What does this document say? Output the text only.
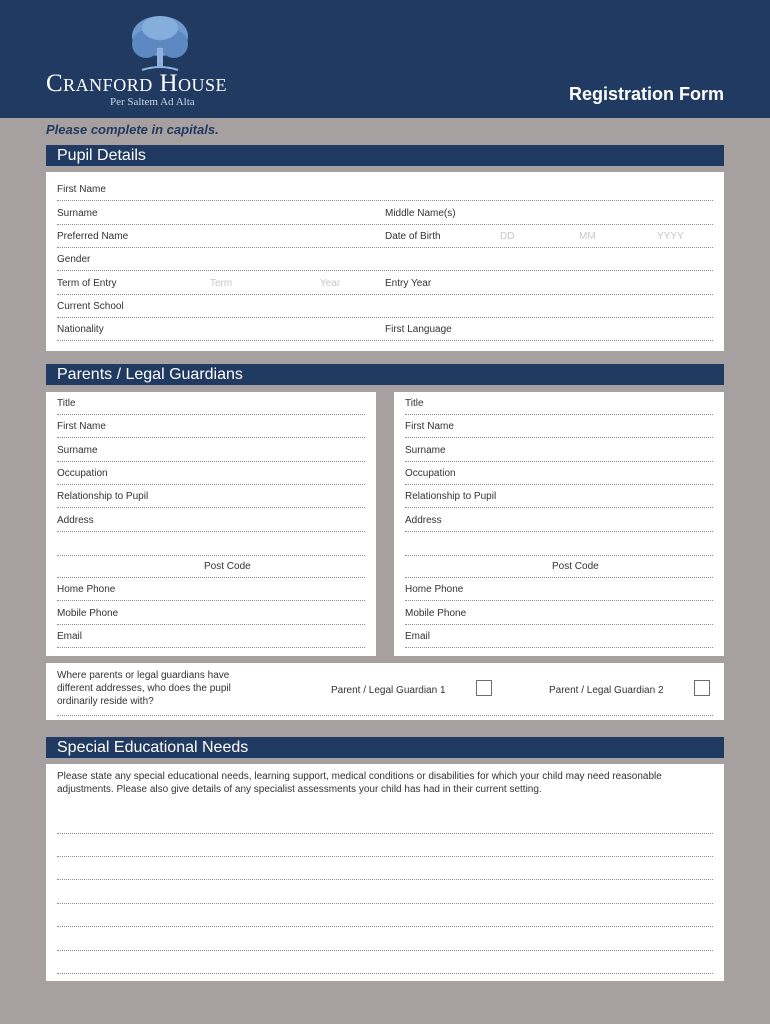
Cranford House
Per Saltem Ad Alta	Registration Form
Please complete in capitals.
Pupil Details
First Name
Surname	Middle Name(s)
Preferred Name	Date of Birth	DD	MM	YYYY
Gender
Term of Entry	Term	Year	Entry Year
Current School
Nationality	First Language
Parents / Legal Guardians
Title
First Name
Surname
Occupation
Relationship to Pupil
Address
Post Code
Home Phone
Mobile Phone
Email
Title
First Name
Surname
Occupation
Relationship to Pupil
Address
Post Code
Home Phone
Mobile Phone
Email
Where parents or legal guardians have different addresses, who does the pupil ordinarily reside with?
Parent / Legal Guardian 1	Parent / Legal Guardian 2
Special Educational Needs
Please state any special educational needs, learning support, medical conditions or disabilities for which your child may need reasonable adjustments. Please also give details of any specialist assessments your child has had in their current setting.
